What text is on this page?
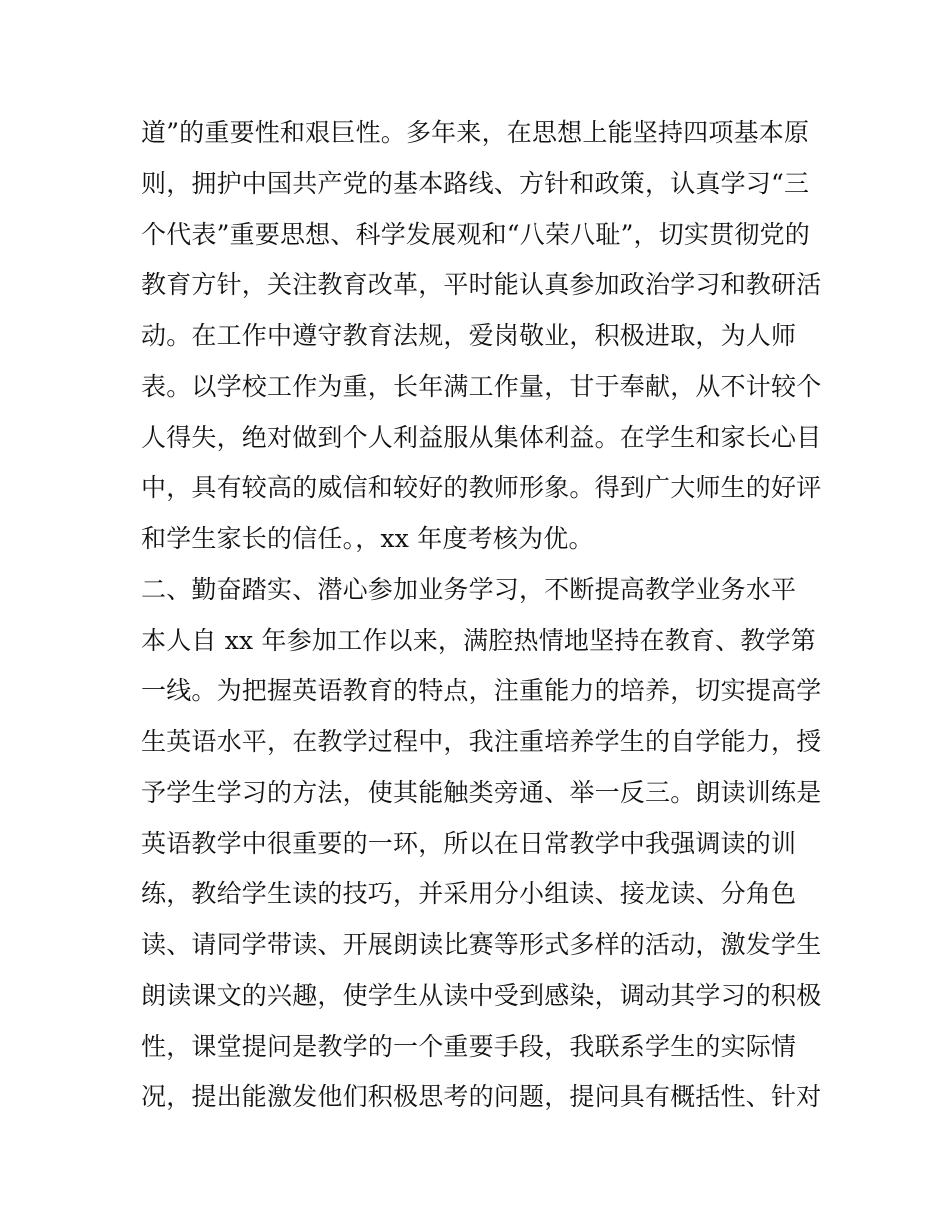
道”的重要性和艰巨性。多年来，在思想上能坚持四项基本原
则，拥护中国共产党的基本路线、方针和政策，认真学习“三
个代表”重要思想、科学发展观和“八荣八耻”，切实贯彻党的
教育方针，关注教育改革，平时能认真参加政治学习和教研活
动。在工作中遵守教育法规，爱岗敬业，积极进取，为人师
表。以学校工作为重，长年满工作量，甘于奉献，从不计较个
人得失，绝对做到个人利益服从集体利益。在学生和家长心目
中，具有较高的威信和较好的教师形象。得到广大师生的好评
和学生家长的信任。，xx 年度考核为优。
二、勤奋踏实、潜心参加业务学习，不断提高教学业务水平
本人自 xx 年参加工作以来，满腔热情地坚持在教育、教学第
一线。为把握英语教育的特点，注重能力的培养，切实提高学
生英语水平，在教学过程中，我注重培养学生的自学能力，授
予学生学习的方法，使其能触类旁通、举一反三。朗读训练是
英语教学中很重要的一环，所以在日常教学中我强调读的训
练，教给学生读的技巧，并采用分小组读、接龙读、分角色
读、请同学带读、开展朗读比赛等形式多样的活动，激发学生
朗读课文的兴趣，使学生从读中受到感染，调动其学习的积极
性，课堂提问是教学的一个重要手段，我联系学生的实际情
况，提出能激发他们积极思考的问题，提问具有概括性、针对
